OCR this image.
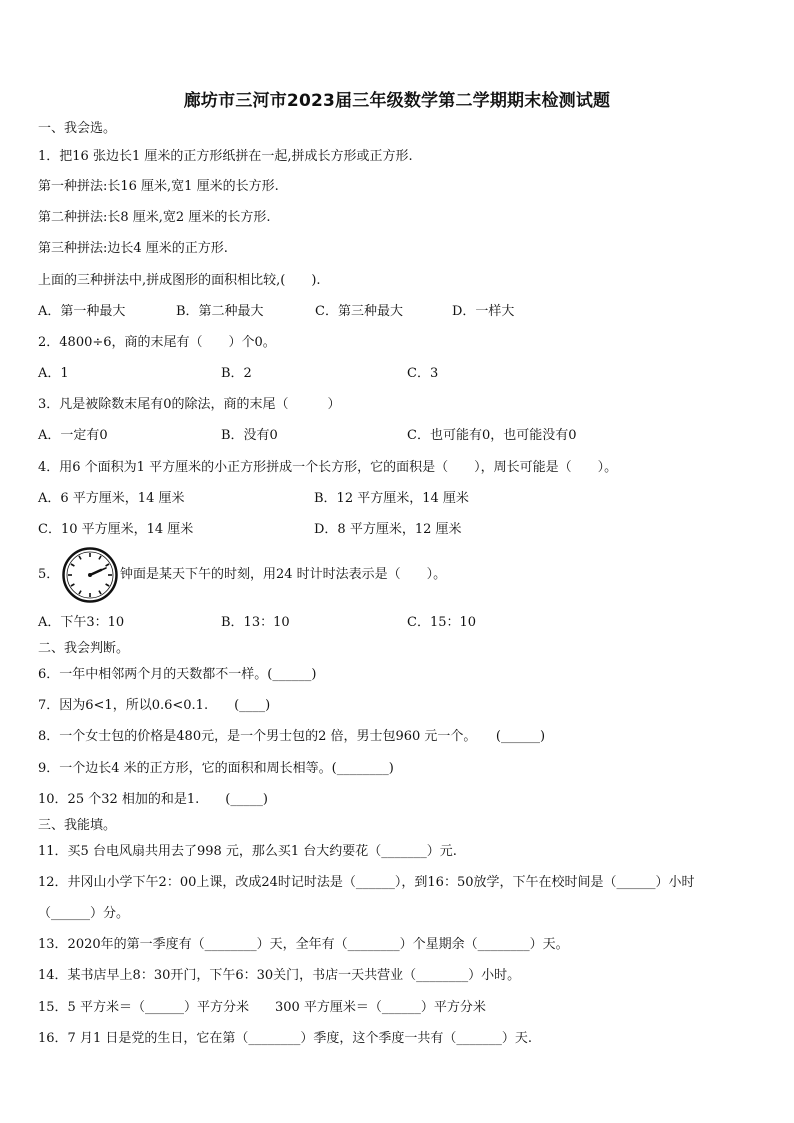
廊坊市三河市2023届三年级数学第二学期期末检测试题
一、我会选。
1．把16 张边长1 厘米的正方形纸拼在一起,拼成长方形或正方形.
第一种拼法:长16 厘米,宽1 厘米的长方形.
第二种拼法:长8 厘米,宽2 厘米的长方形.
第三种拼法:边长4 厘米的正方形.
上面的三种拼法中,拼成图形的面积相比较,(　　).
A．第一种最大	B．第二种最大	C．第三种最大	D．一样大
2．4800÷6，商的末尾有（　　）个0。
A．1	B．2	C．3
3．凡是被除数末尾有0的除法，商的末尾（　　　）
A．一定有0	B．没有0	C．也可能有0，也可能没有0
4．用6 个面积为1 平方厘米的小正方形拼成一个长方形，它的面积是（　　），周长可能是（　　）。
A．6 平方厘米，14 厘米	B．12 平方厘米，14 厘米
C．10 平方厘米，14 厘米	D．8 平方厘米，12 厘米
5．	钟面是某天下午的时刻，用24 时计时法表示是（　　）。
A．下午3：10	B．13：10	C．15：10
二、我会判断。
6．一年中相邻两个月的天数都不一样。(______)
7．因为6<1，所以0.6<0.1.　　(____)
8．一个女士包的价格是480元，是一个男士包的2 倍，男士包960 元一个。　　(______)
9．一个边长4 米的正方形，它的面积和周长相等。(________)
10．25 个32 相加的和是1.　　(_____)
三、我能填。
11．买5 台电风扇共用去了998 元，那么买1 台大约要花（_______）元.
12．井冈山小学下午2：00上课，改成24时记时法是（______），到16：50放学，下午在校时间是（______）小时
（______）分。
13．2020年的第一季度有（________）天，全年有（________）个星期余（________）天。
14．某书店早上8：30开门，下午6：30关门，书店一天共营业（________）小时。
15．5 平方米＝（______）平方分米　　300 平方厘米＝（______）平方分米
16．7 月1 日是党的生日，它在第（________）季度，这个季度一共有（_______）天.
